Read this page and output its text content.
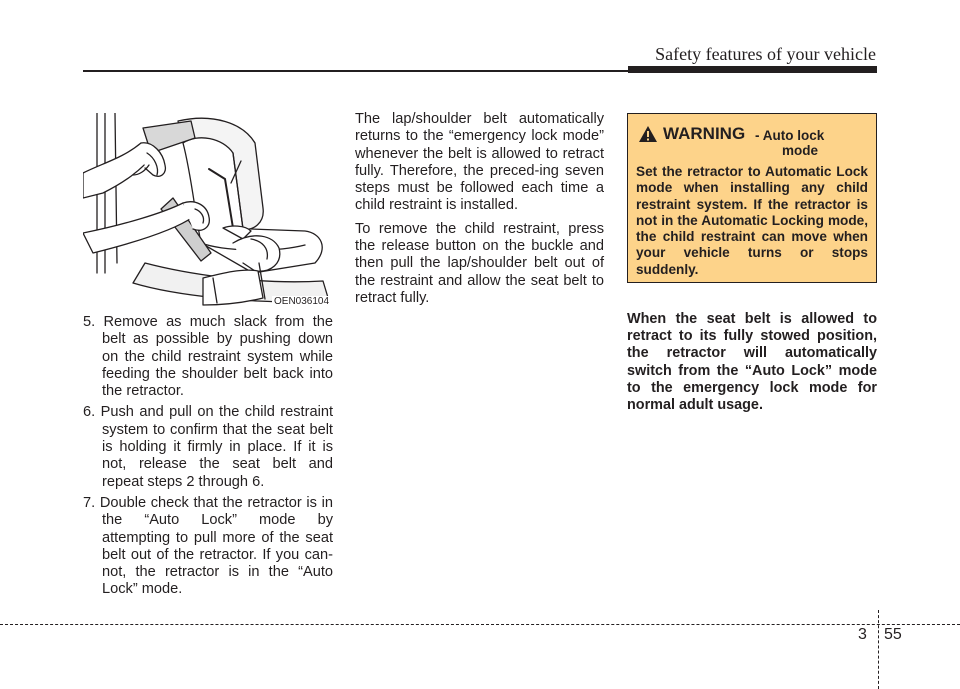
Safety features of your vehicle
OEN036104
5. Remove as much slack from the belt as possible by pushing down on the child restraint system while feeding the shoulder belt back into the retractor.
6. Push and pull on the child restraint system to confirm that the seat belt is holding it firmly in place. If it is not, release the seat belt and repeat steps 2 through 6.
7. Double check that the retractor is in the “Auto Lock” mode by attempting to pull more of the seat belt out of the retractor. If you can-not, the retractor is in the “Auto Lock” mode.

The lap/shoulder belt automatically returns to the “emergency lock mode” whenever the belt is allowed to retract fully. Therefore, the preced-ing seven steps must be followed each time a child restraint is installed.

To remove the child restraint, press the release button on the buckle and then pull the lap/shoulder belt out of the restraint and allow the seat belt to retract fully.

WARNING - Auto lock
mode
Set the retractor to Automatic Lock mode when installing any child restraint system. If the retractor is not in the Automatic Locking mode, the child restraint can move when your vehicle turns or stops suddenly.
When the seat belt is allowed to retract to its fully stowed position, the retractor will automatically switch from the “Auto Lock” mode to the emergency lock mode for normal adult usage.
3 55
